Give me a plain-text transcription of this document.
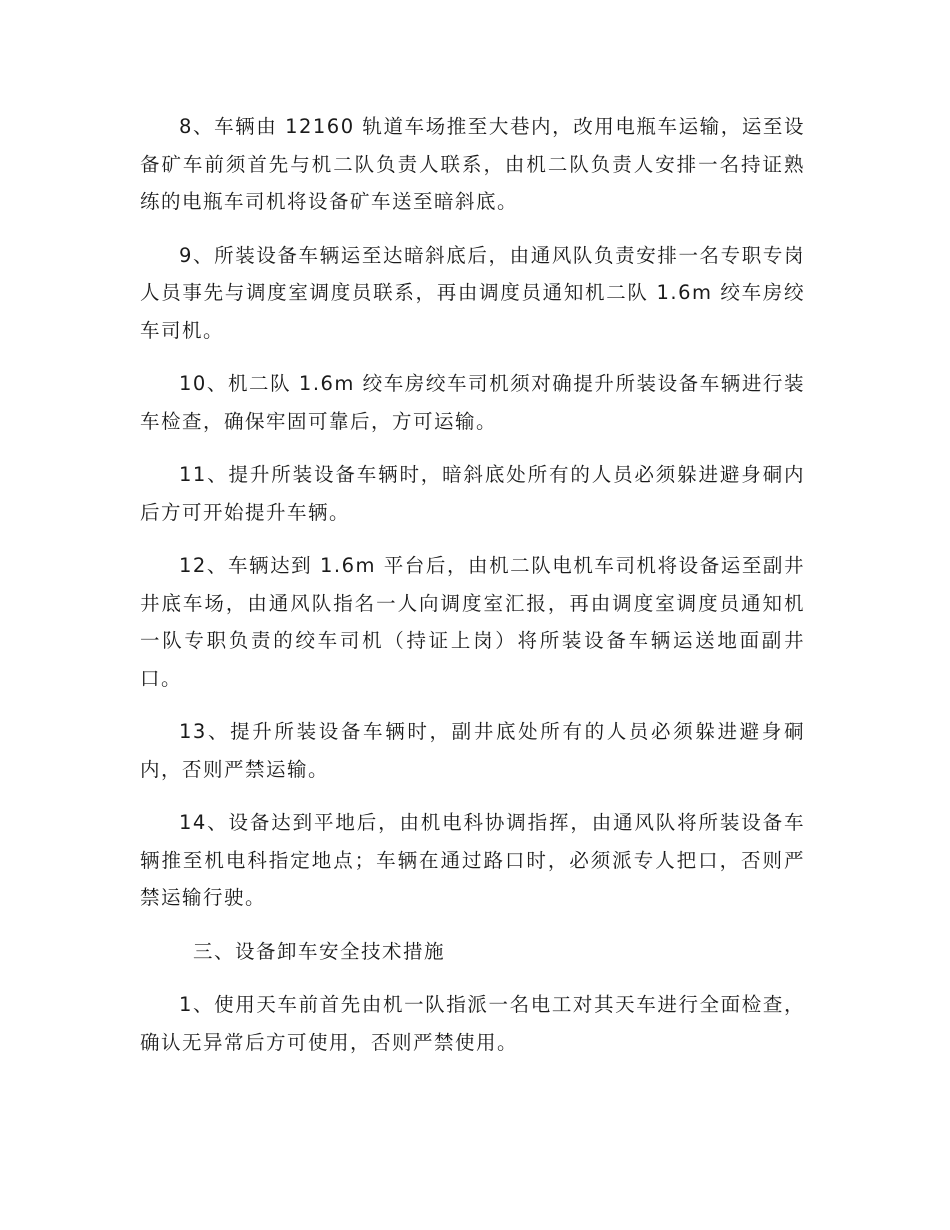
8、车辆由 12160 轨道车场推至大巷内，改用电瓶车运输，运至设备矿车前须首先与机二队负责人联系，由机二队负责人安排一名持证熟练的电瓶车司机将设备矿车送至暗斜底。

9、所装设备车辆运至达暗斜底后，由通风队负责安排一名专职专岗人员事先与调度室调度员联系，再由调度员通知机二队 1.6m 绞车房绞车司机。

10、机二队 1.6m 绞车房绞车司机须对确提升所装设备车辆进行装车检查，确保牢固可靠后，方可运输。

11、提升所装设备车辆时，暗斜底处所有的人员必须躲进避身硐内后方可开始提升车辆。

12、车辆达到 1.6m 平台后，由机二队电机车司机将设备运至副井井底车场，由通风队指名一人向调度室汇报，再由调度室调度员通知机一队专职负责的绞车司机（持证上岗）将所装设备车辆运送地面副井口。

13、提升所装设备车辆时，副井底处所有的人员必须躲进避身硐内，否则严禁运输。

14、设备达到平地后，由机电科协调指挥，由通风队将所装设备车辆推至机电科指定地点；车辆在通过路口时，必须派专人把口，否则严禁运输行驶。

三、设备卸车安全技术措施

1、使用天车前首先由机一队指派一名电工对其天车进行全面检查，确认无异常后方可使用，否则严禁使用。
